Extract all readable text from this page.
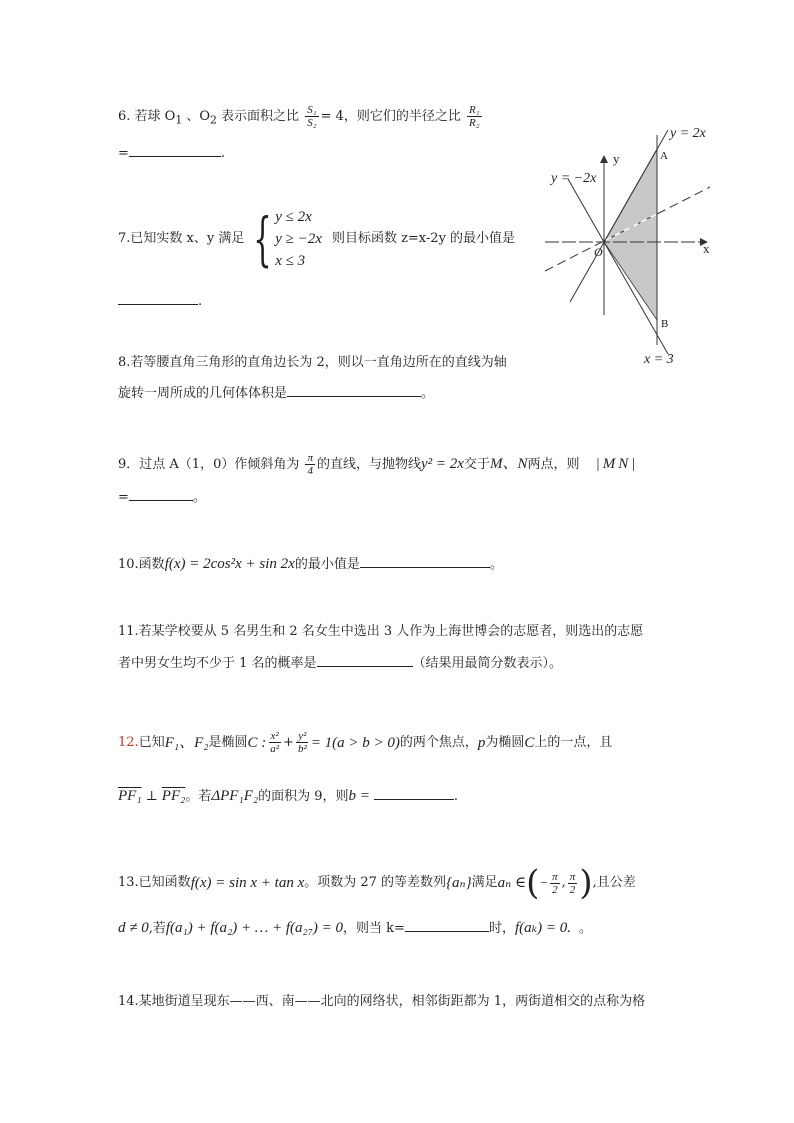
6. 若球 $O_1$ 、$O_2$ 表示面积之比 $\frac{\text{S₁}}{\text{S₂}} = 4$，则它们的半径之比 $\frac{\text{R₁}}{\text{R₂}}$
=	.
7.已知实数 x、y 满足 { y ≤ 2x
y ≥ −2x
x ≤ 3
则目标函数 z=x-2y 的最小值是
.
8.若等腰直角三角形的直角边长为 2，则以一直角边所在的直线为轴
旋转一周所成的几何体体积是	。
9．过点 A（1，0）作倾斜角为 $\frac{\pi}{4}$ 的直线，与抛物线y² = 2x交于M、N两点，则 |MN|
=	。
10.函数f(x) = 2cos²x + sin 2x的最小值是	。
11.若某学校要从 5 名男生和 2 名女生中选出 3 人作为上海世博会的志愿者，则选出的志愿
者中男女生均不少于 1 名的概率是	（结果用最简分数表示）。
12. 已知 F₁、F₂ 是椭圆 C : $\frac{\text{x²}}{\text{a²}} + \frac{\text{y²}}{\text{b²}} = 1(a > b > 0)$ 的两个焦点， p 为椭圆 C 上的一点，且
PF₁ ⊥ PF₂。若ΔPF₁F₂的面积为 9，则b =	.
13.已知函数 f(x) = sin x + tan x 。项数为 27 的等差数列 {aₙ} 满足 aₙ ∈ ( − $\frac{\pi}{2}$ , $\frac{\pi}{2}$ ) , 且公差
d ≠ 0,若f(a₁) + f(a₂) + … + f(a₂₇) = 0，则当 k=	时，f(aₖ) = 0. 。
14.某地街道呈现东——西、南——北向的网络状，相邻街距都为 1，两街道相交的点称为格
y = 2x
y = −2x
y
x
A
B
O
x = 3
